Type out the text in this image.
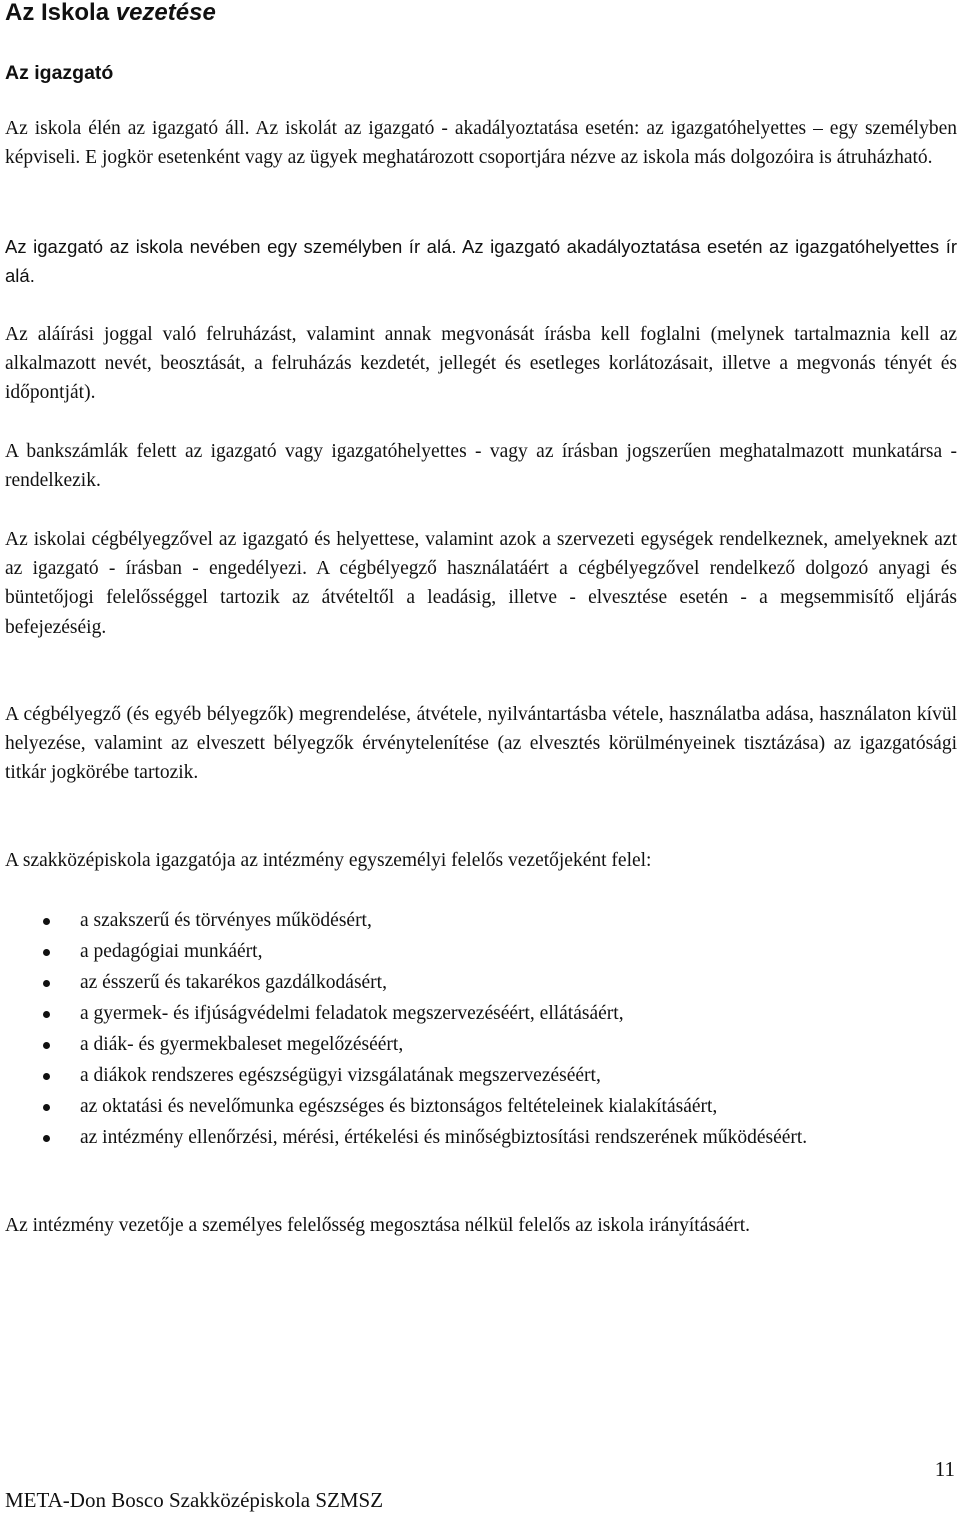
Az Iskola vezetése
Az igazgató

Az iskola élén az igazgató áll. Az iskolát az igazgató - akadályoztatása esetén: az igazgatóhelyettes – egy személyben képviseli. E jogkör esetenként vagy az ügyek meghatározott csoportjára nézve az iskola más dolgozóira is átruházható.

Az igazgató az iskola nevében egy személyben ír alá. Az igazgató akadályoztatása esetén az igazgatóhelyettes ír alá.

Az aláírási joggal való felruházást, valamint annak megvonását írásba kell foglalni (melynek tartalmaznia kell az alkalmazott nevét, beosztását, a felruházás kezdetét, jellegét és esetleges korlátozásait, illetve a megvonás tényét és időpontját).

A bankszámlák felett az igazgató vagy igazgatóhelyettes - vagy az írásban jogszerűen meghatalmazott munkatársa - rendelkezik.

Az iskolai cégbélyegzővel az igazgató és helyettese, valamint azok a szervezeti egységek rendelkeznek, amelyeknek azt az igazgató - írásban - engedélyezi. A cégbélyegző használatáért a cégbélyegzővel rendelkező dolgozó anyagi és büntetőjogi felelősséggel tartozik az átvételtől a leadásig, illetve - elvesztése esetén - a megsemmisítő eljárás befejezéséig.

A cégbélyegző (és egyéb bélyegzők) megrendelése, átvétele, nyilvántartásba vétele, használatba adása, használaton kívül helyezése, valamint az elveszett bélyegzők érvénytelenítése (az elvesztés körülményeinek tisztázása) az igazgatósági titkár jogkörébe tartozik.

A szakközépiskola igazgatója az intézmény egyszemélyi felelős vezetőjeként felel:

a szakszerű és törvényes működésért,
a pedagógiai munkáért,
az ésszerű és takarékos gazdálkodásért,
a gyermek- és ifjúságvédelmi feladatok megszervezéséért, ellátásáért,
a diák- és gyermekbaleset megelőzéséért,
a diákok rendszeres egészségügyi vizsgálatának megszervezéséért,
az oktatási és nevelőmunka egészséges és biztonságos feltételeinek kialakításáért,
az intézmény ellenőrzési, mérési, értékelési és minőségbiztosítási rendszerének működéséért.

Az intézmény vezetője a személyes felelősség megosztása nélkül felelős az iskola irányításáért.

11
META-Don Bosco Szakközépiskola SZMSZ
